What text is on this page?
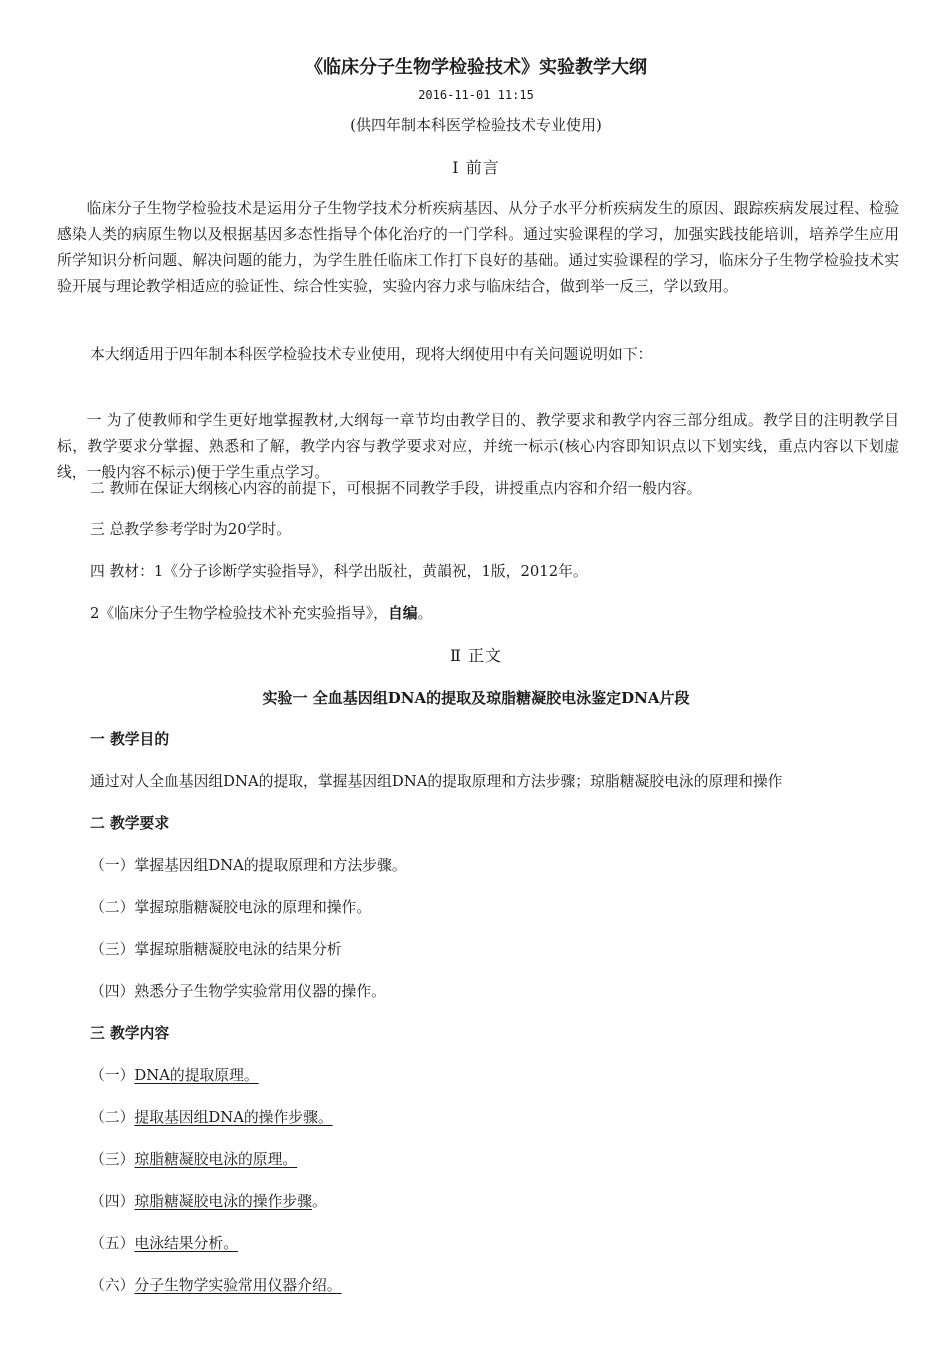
《临床分子生物学检验技术》实验教学大纲

2016-11-01 11:15

(供四年制本科医学检验技术专业使用)

Ⅰ 前言

临床分子生物学检验技术是运用分子生物学技术分析疾病基因、从分子水平分析疾病发生的原因、跟踪疾病发展过程、检验感染人类的病原生物以及根据基因多态性指导个体化治疗的一门学科。通过实验课程的学习，加强实践技能培训，培养学生应用所学知识分析问题、解决问题的能力，为学生胜任临床工作打下良好的基础。通过实验课程的学习，临床分子生物学检验技术实验开展与理论教学相适应的验证性、综合性实验，实验内容力求与临床结合，做到举一反三，学以致用。

本大纲适用于四年制本科医学检验技术专业使用，现将大纲使用中有关问题说明如下：

一 为了使教师和学生更好地掌握教材,大纲每一章节均由教学目的、教学要求和教学内容三部分组成。教学目的注明教学目标，教学要求分掌握、熟悉和了解，教学内容与教学要求对应，并统一标示(核心内容即知识点以下划实线，重点内容以下划虚线，一般内容不标示)便于学生重点学习。

二 教师在保证大纲核心内容的前提下，可根据不同教学手段，讲授重点内容和介绍一般内容。

三 总教学参考学时为20学时。

四 教材：1《分子诊断学实验指导》，科学出版社，黄韻祝，1版，2012年。

2《临床分子生物学检验技术补充实验指导》，自编。

Ⅱ 正文

实验一 全血基因组DNA的提取及琼脂糖凝胶电泳鉴定DNA片段

一 教学目的

通过对人全血基因组DNA的提取，掌握基因组DNA的提取原理和方法步骤；琼脂糖凝胶电泳的原理和操作

二 教学要求

（一）掌握基因组DNA的提取原理和方法步骤。

（二）掌握琼脂糖凝胶电泳的原理和操作。

（三）掌握琼脂糖凝胶电泳的结果分析

（四）熟悉分子生物学实验常用仪器的操作。

三 教学内容

（一）DNA的提取原理。

（二）提取基因组DNA的操作步骤。

（三）琼脂糖凝胶电泳的原理。

（四）琼脂糖凝胶电泳的操作步骤。

（五）电泳结果分析。

（六）分子生物学实验常用仪器介绍。
